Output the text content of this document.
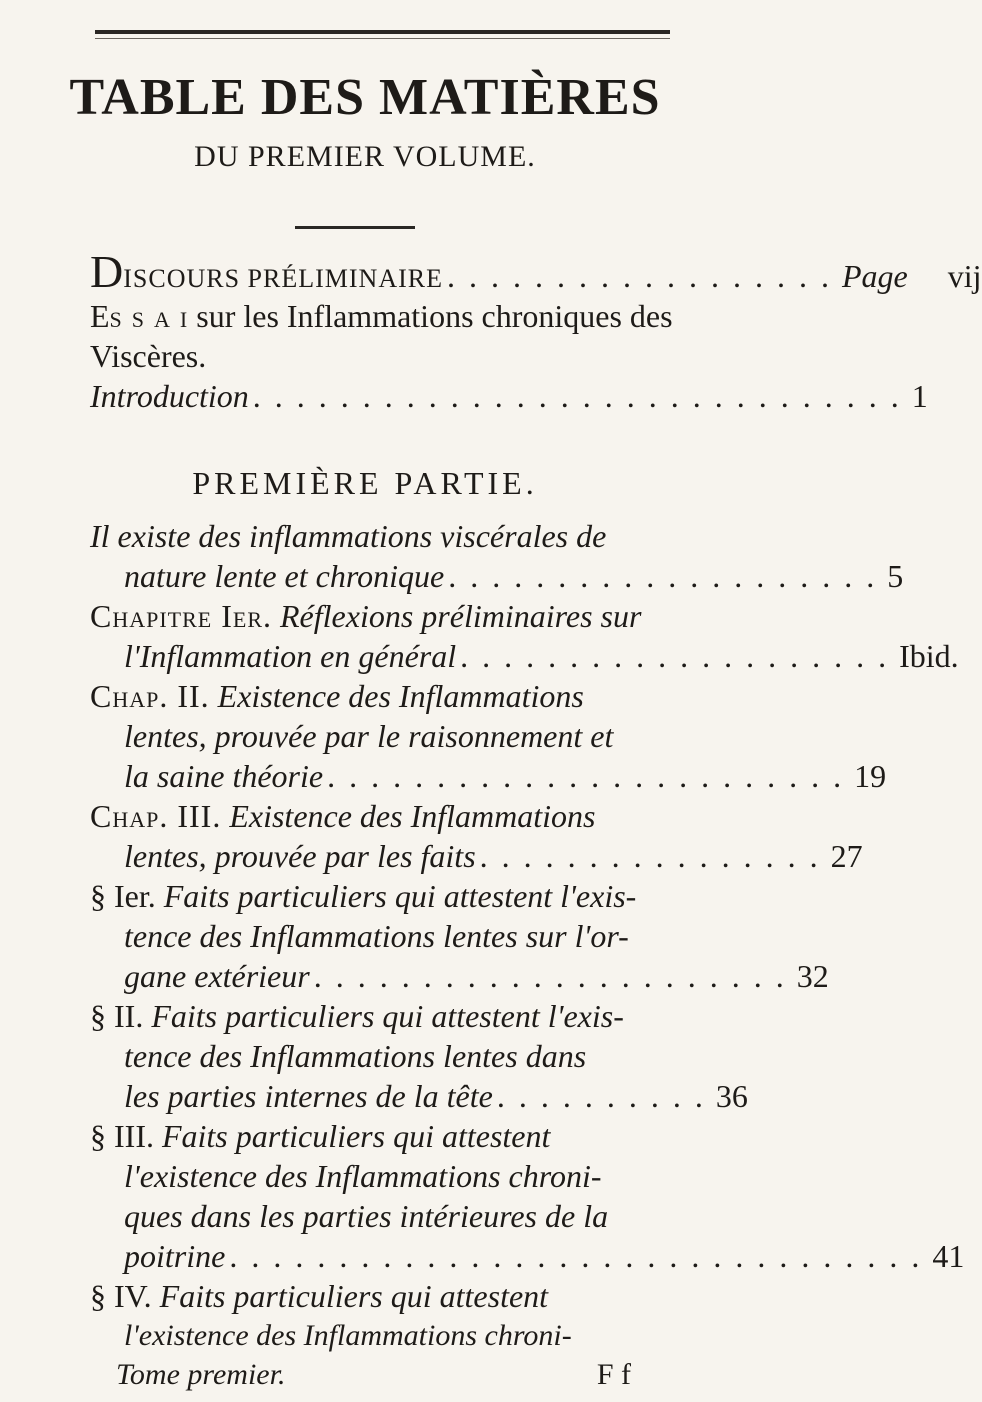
TABLE DES MATIÈRES
DU PREMIER VOLUME.
DISCOURS PRÉLIMINAIRE . . . . . . . . . . . . . . . . . . Page vij
Es s a i sur les Inflammations chroniques des
Viscères.
Introduction . . . . . . . . . . . . . . . . . . . . . . . . . . . . . . 1
PREMIÈRE PARTIE.
Il existe des inflammations viscérales de
nature lente et chronique . . . . . . . . . . . . . . . . . . . . 5
Chapitre Ier. Réflexions préliminaires sur
l'Inflammation en général . . . . . . . . . . . . . . . . . . . . Ibid.
Chap. II. Existence des Inflammations
lentes, prouvée par le raisonnement et
la saine théorie . . . . . . . . . . . . . . . . . . . . . . . . 19
Chap. III. Existence des Inflammations
lentes, prouvée par les faits . . . . . . . . . . . . . . . . 27
§ Ier. Faits particuliers qui attestent l'exis-
tence des Inflammations lentes sur l'or-
gane extérieur . . . . . . . . . . . . . . . . . . . . . . 32
§ II. Faits particuliers qui attestent l'exis-
tence des Inflammations lentes dans
les parties internes de la tête . . . . . . . . . . 36
§ III. Faits particuliers qui attestent
l'existence des Inflammations chroni-
ques dans les parties intérieures de la
poitrine . . . . . . . . . . . . . . . . . . . . . . . . . . . . . . . . 41
§ IV. Faits particuliers qui attestent
l'existence des Inflammations chroni-
Tome premier.	F f
